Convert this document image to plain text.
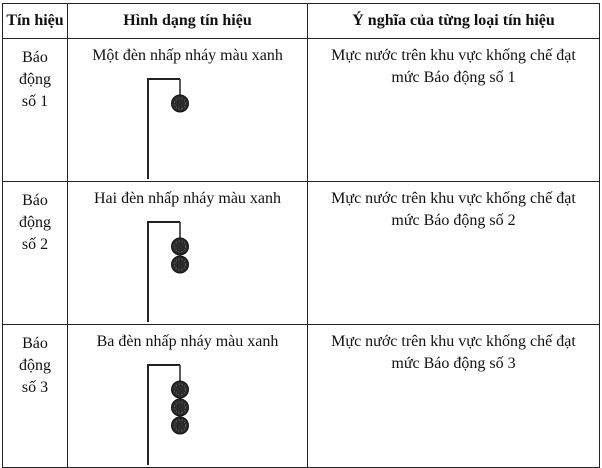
Tín hiệu	Hình dạng tín hiệu	Ý nghĩa của từng loại tín hiệu

Báo động số 1	Một đèn nhấp nháy màu xanh	Mực nước trên khu vực khống chế đạt mức Báo động số 1

Báo động số 2	Hai đèn nhấp nháy màu xanh	Mực nước trên khu vực khống chế đạt mức Báo động số 2

Báo động số 3	Ba đèn nhấp nháy màu xanh	Mực nước trên khu vực khống chế đạt mức Báo động số 3
